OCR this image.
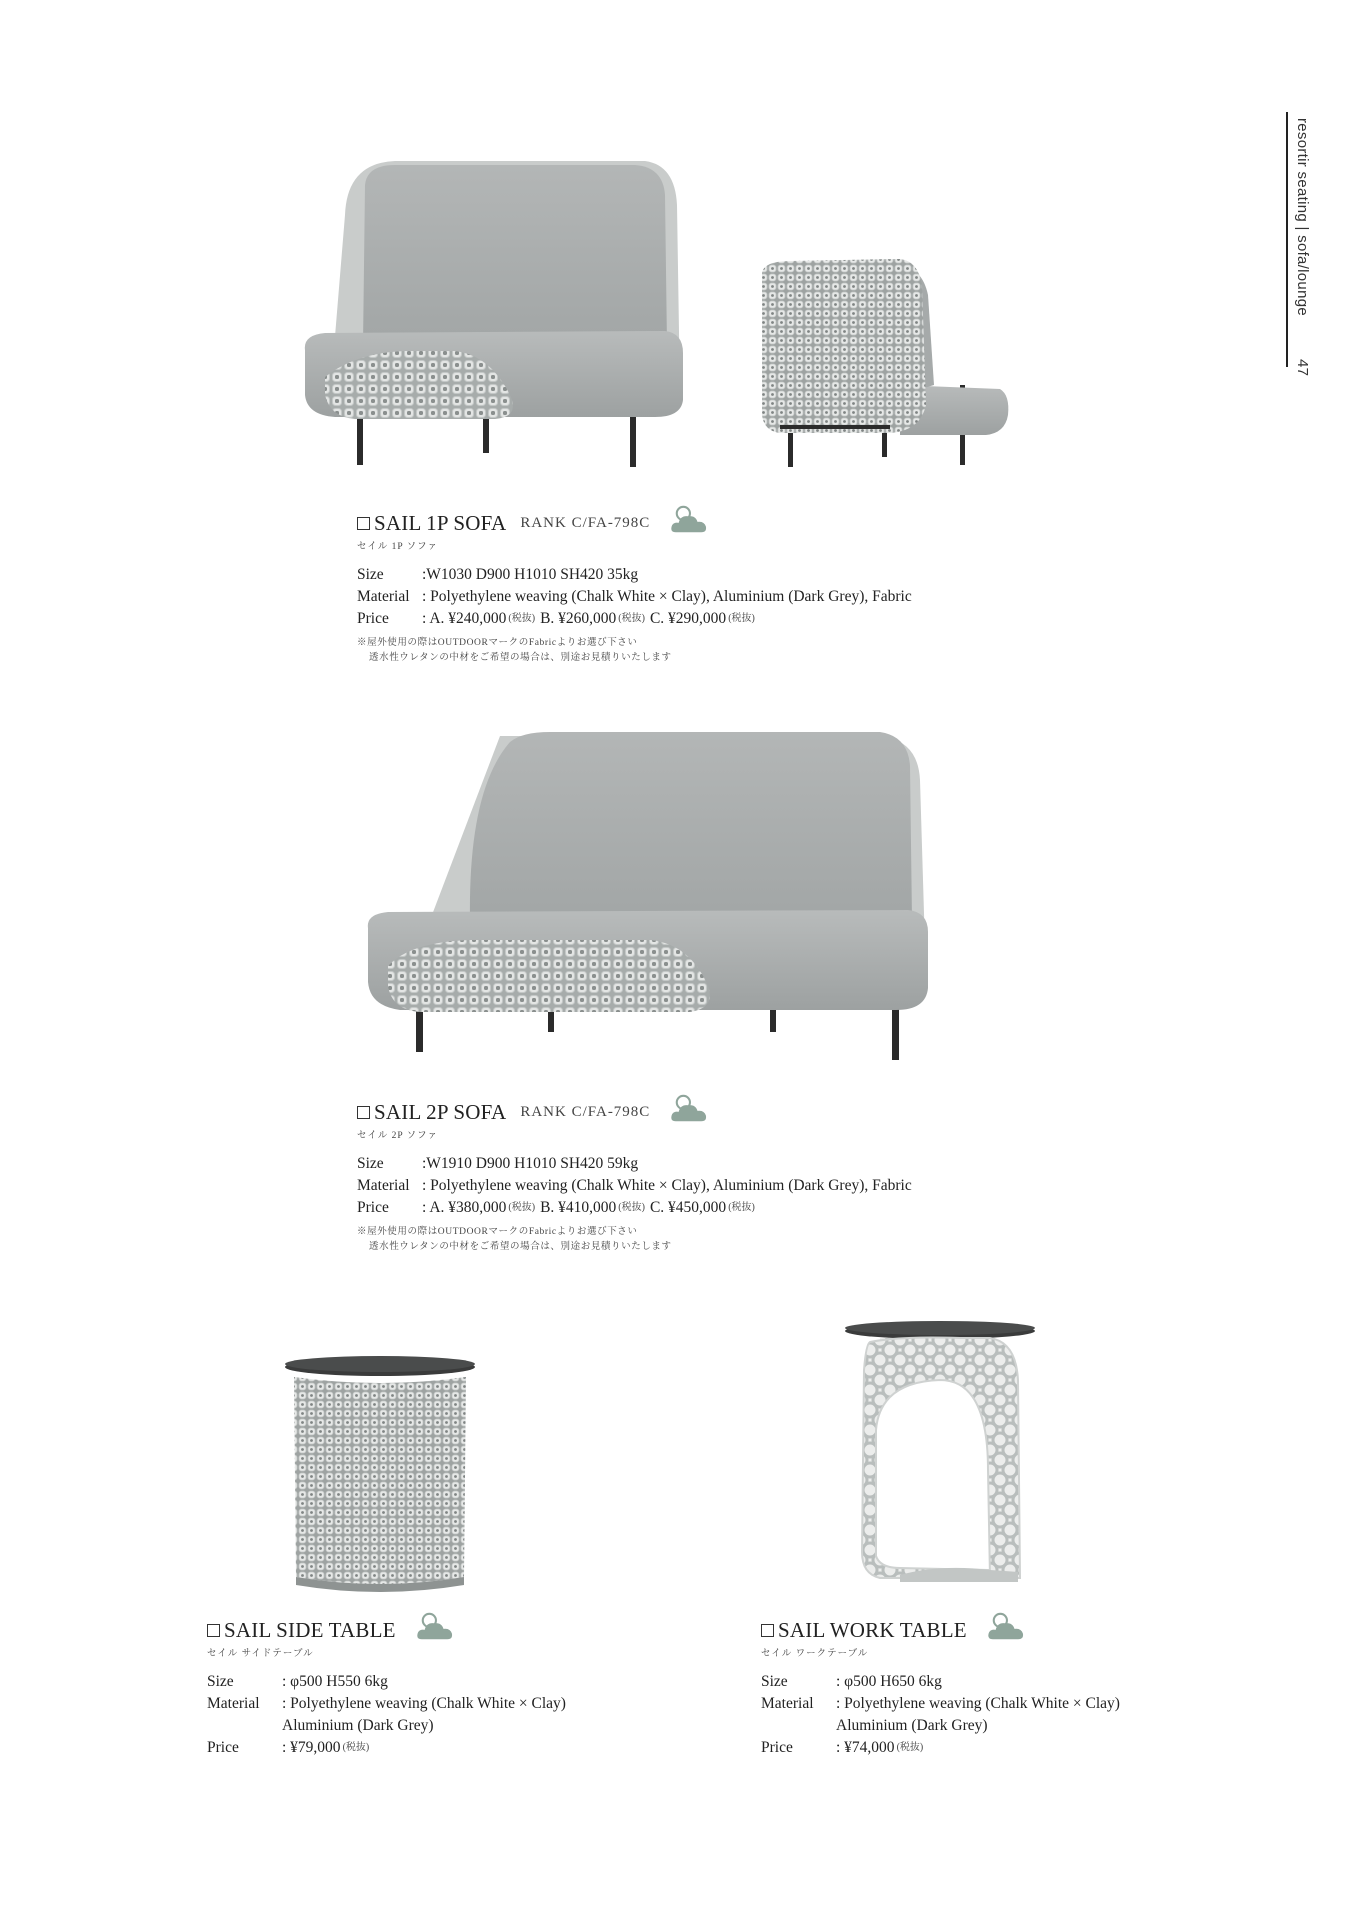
resortir seating | sofa/lounge  47
SAIL 1P SOFA RANK C/FA-798C
セイル 1P ソファ
Size	:W1030 D900 H1010 SH420 35kg
Material : Polyethylene weaving (Chalk White × Clay), Aluminium (Dark Grey), Fabric
Price	: A. ¥240,000 (税抜) B. ¥260,000 (税抜) C. ¥290,000 (税抜)
※屋外使用の際はOUTDOORマークのFabricよりお選び下さい
透水性ウレタンの中材をご希望の場合は、別途お見積りいたします
SAIL 2P SOFA RANK C/FA-798C
セイル 2P ソファ
Size	:W1910 D900 H1010 SH420 59kg
Material : Polyethylene weaving (Chalk White × Clay), Aluminium (Dark Grey), Fabric
Price	: A. ¥380,000 (税抜) B. ¥410,000 (税抜) C. ¥450,000 (税抜)
※屋外使用の際はOUTDOORマークのFabricよりお選び下さい
透水性ウレタンの中材をご希望の場合は、別途お見積りいたします
SAIL SIDE TABLE
セイル サイドテーブル
Size	: φ500 H550 6kg
Material	: Polyethylene weaving (Chalk White × Clay)
Aluminium (Dark Grey)
Price	: ¥79,000 (税抜)
SAIL WORK TABLE
セイル ワークテーブル
Size	: φ500 H650 6kg
Material	: Polyethylene weaving (Chalk White × Clay)
Aluminium (Dark Grey)
Price	: ¥74,000 (税抜)
